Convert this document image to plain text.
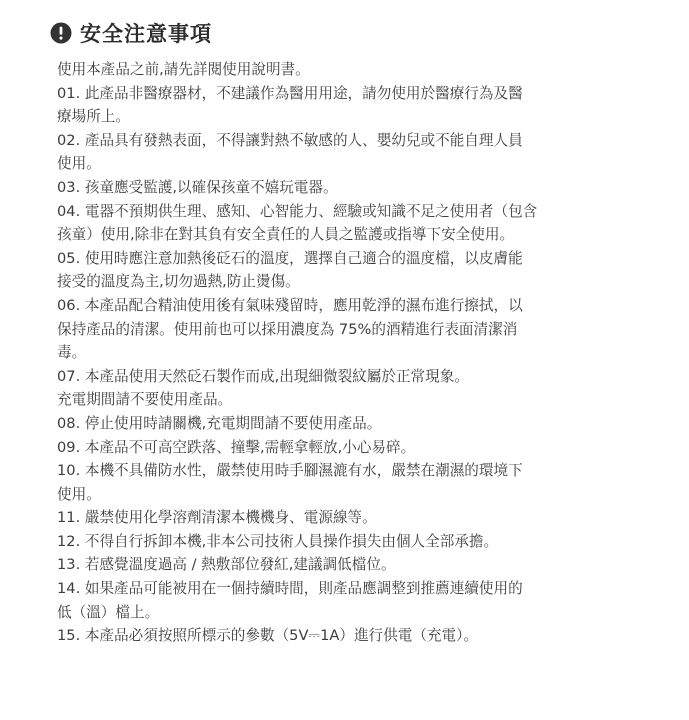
安全注意事項

使用本產品之前,請先詳閱使用說明書。

01. 此產品非醫療器材，不建議作為醫用用途，請勿使用於醫療行為及醫

療場所上。

02. 產品具有發熱表面，不得讓對熱不敏感的人、嬰幼兒或不能自理人員

使用。

03. 孩童應受監護,以確保孩童不嬉玩電器。

04. 電器不預期供生理、感知、心智能力、經驗或知識不足之使用者（包含

孩童）使用,除非在對其負有安全責任的人員之監護或指導下安全使用。

05. 使用時應注意加熱後砭石的溫度，選擇自己適合的溫度檔，以皮膚能

接受的溫度為主,切勿過熱,防止燙傷。

06. 本產品配合精油使用後有氣味殘留時，應用乾淨的濕布進行擦拭，以

保持產品的清潔。使用前也可以採用濃度為 75%的酒精進行表面清潔消

毒。

07. 本產品使用天然砭石製作而成,出現細微裂紋屬於正常現象。

充電期間請不要使用產品。

08. 停止使用時請關機,充電期間請不要使用產品。

09. 本產品不可高空跌落、撞擊,需輕拿輕放,小心易碎。

10. 本機不具備防水性，嚴禁使用時手腳濕漉有水，嚴禁在潮濕的環境下

使用。

11. 嚴禁使用化學溶劑清潔本機機身、電源線等。

12. 不得自行拆卸本機,非本公司技術人員操作損失由個人全部承擔。

13. 若感覺溫度過高 / 熱敷部位發紅,建議調低檔位。

14. 如果產品可能被用在一個持續時間，則產品應調整到推薦連續使用的

低（溫）檔上。

15. 本產品必須按照所標示的參數（5V⎓1A）進行供電（充電）。
